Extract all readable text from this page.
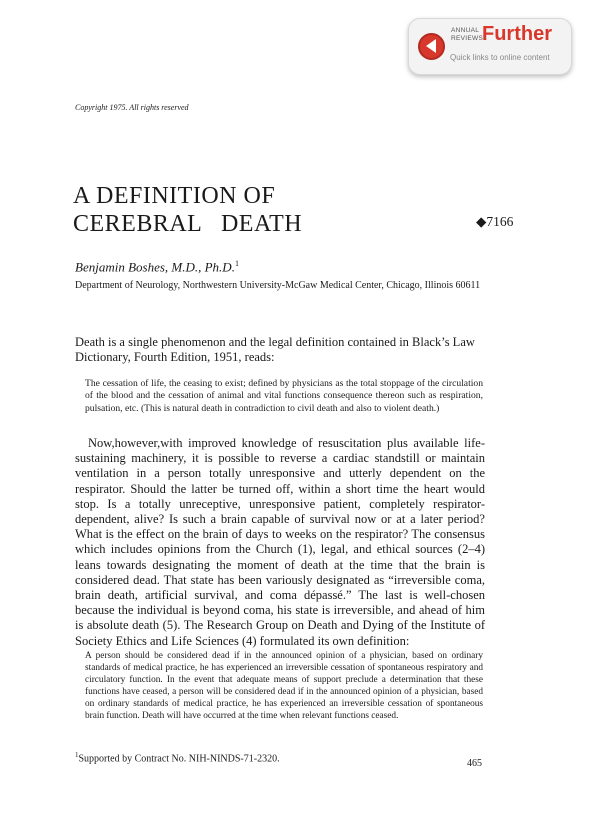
ANNUAL
REVIEWS
Further
Quick links to online content
Copyright 1975. All rights reserved
A DEFINITION OF
CEREBRAL   DEATH	◆7166
Benjamin Boshes, M.D., Ph.D.$^1$
Department of Neurology, Northwestern University-McGaw Medical Center, Chicago, Illinois 60611
Death is a single phenomenon and the legal definition contained in Black’s Law Dictionary, Fourth Edition, 1951, reads:
The cessation of life, the ceasing to exist; defined by physicians as the total stoppage of the circulation of the blood and the cessation of animal and vital functions consequence thereon such as respiration, pulsation, etc. (This is natural death in contradiction to civil death and also to violent death.)
Now,however,with improved knowledge of resuscitation plus available life-sustaining machinery, it is possible to reverse a cardiac standstill or maintain ventilation in a person totally unresponsive and utterly dependent on the respirator. Should the latter be turned off, within a short time the heart would stop. Is a totally unreceptive, unresponsive patient, completely respirator-dependent, alive? Is such a brain capable of survival now or at a later period? What is the effect on the brain of days to weeks on the respirator? The consensus which includes opinions from the Church (1), legal, and ethical sources (2–4) leans towards designating the moment of death at the time that the brain is considered dead. That state has been variously designated as “irreversible coma, brain death, artificial survival, and coma dépassé.” The last is well-chosen because the individual is beyond coma, his state is irreversible, and ahead of him is absolute death (5). The Research Group on Death and Dying of the Institute of Society Ethics and Life Sciences (4) formulated its own definition:
A person should be considered dead if in the announced opinion of a physician, based on ordinary standards of medical practice, he has experienced an irreversible cessation of spontaneous respiratory and circulatory function. In the event that adequate means of support preclude a determination that these functions have ceased, a person will be considered dead if in the announced opinion of a physician, based on ordinary standards of medical practice, he has experienced an irreversible cessation of spontaneous brain function. Death will have occurred at the time when relevant functions ceased.
$^1$Supported by Contract No. NIH-NINDS-71-2320.	465
